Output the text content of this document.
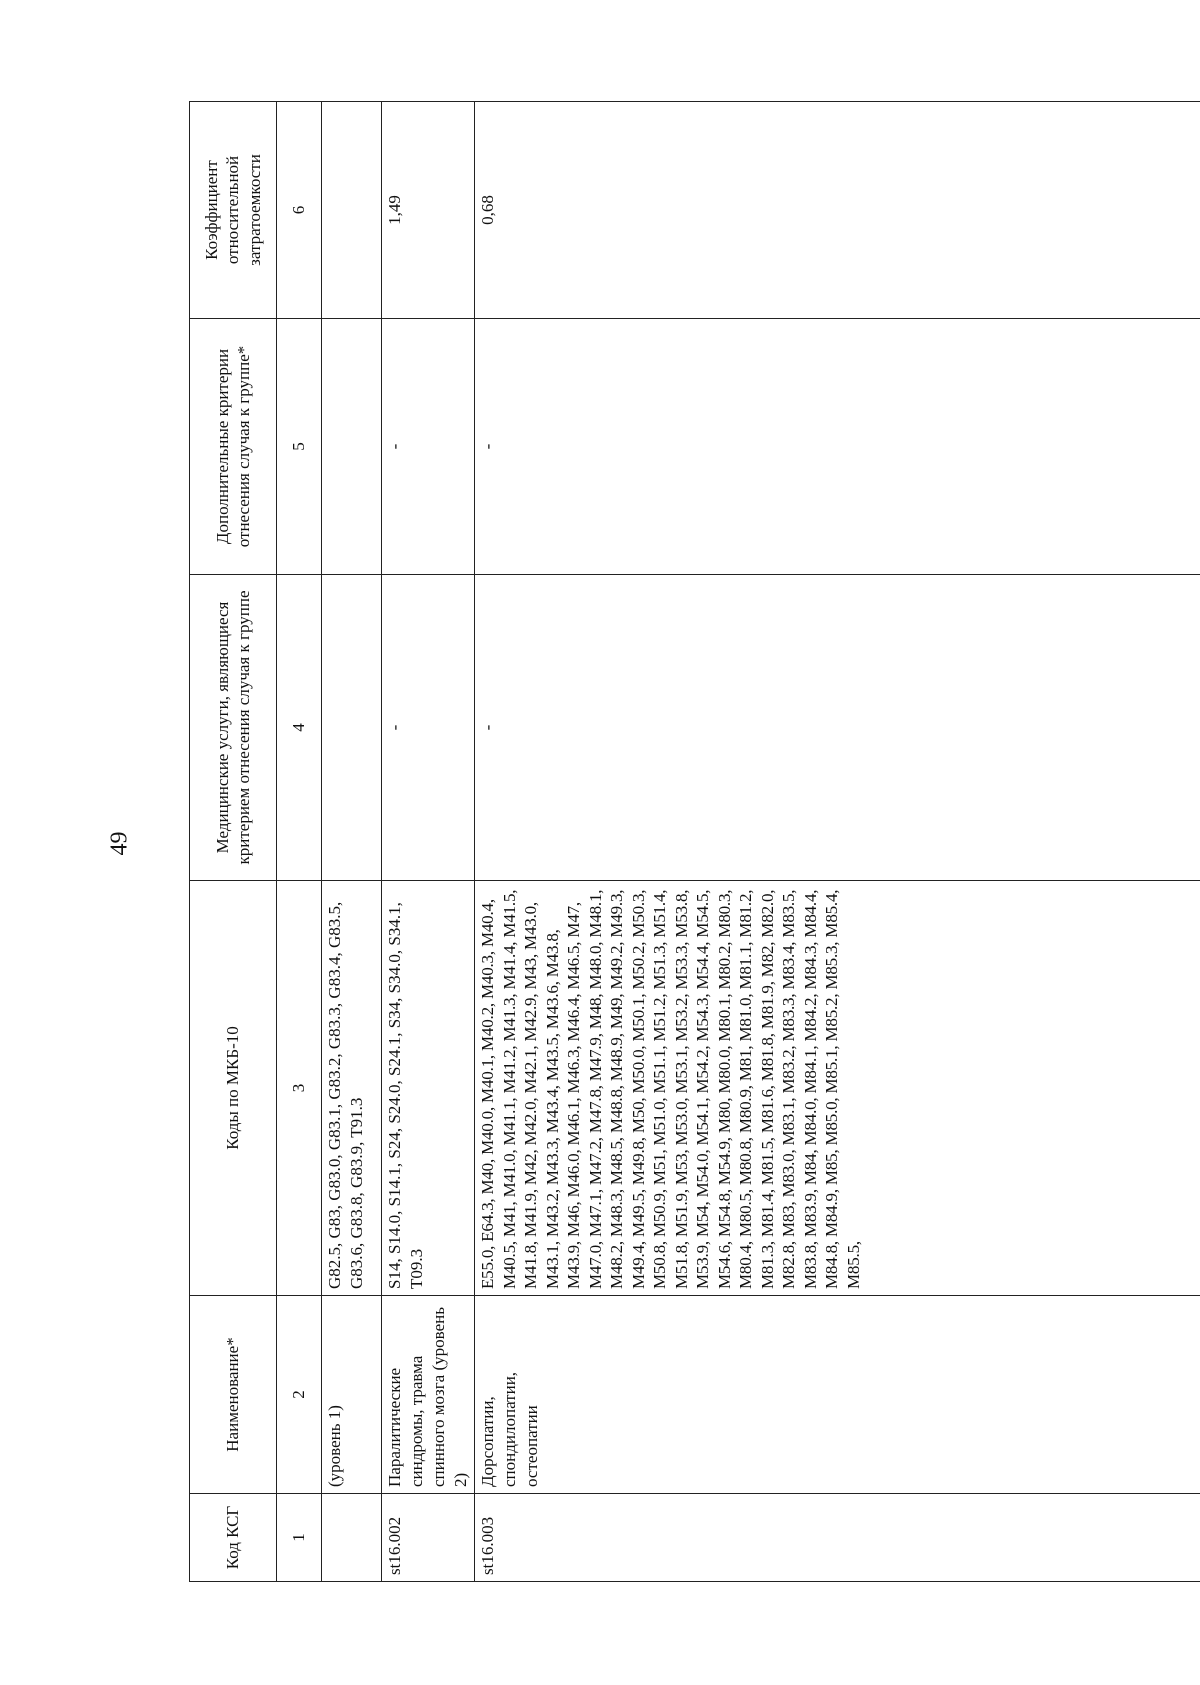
49
Код КСГ	Наименование*	Коды по МКБ-10	Медицинские услуги, являющиеся критерием отнесения случая к группе	Дополнительные критерии отнесения случая к группе*	Коэффициент относительной затратоемкости
1	2	3	4	5	6
	(уровень 1)	G82.5, G83, G83.0, G83.1, G83.2, G83.3, G83.4, G83.5, G83.6, G83.8, G83.9, T91.3			
st16.002	Паралитические синдромы, травма спинного мозга (уровень 2)	S14, S14.0, S14.1, S24, S24.0, S24.1, S34, S34.0, S34.1, T09.3	-	-	1,49
st16.003	Дорсопатии, спондилопатии, остеопатии	E55.0, E64.3, M40, M40.0, M40.1, M40.2, M40.3, M40.4, M40.5, M41, M41.0, M41.1, M41.2, M41.3, M41.4, M41.5, M41.8, M41.9, M42, M42.0, M42.1, M42.9, M43, M43.0, M43.1, M43.2, M43.3, M43.4, M43.5, M43.6, M43.8, M43.9, M46, M46.0, M46.1, M46.3, M46.4, M46.5, M47, M47.0, M47.1, M47.2, M47.8, M47.9, M48, M48.0, M48.1, M48.2, M48.3, M48.5, M48.8, M48.9, M49, M49.2, M49.3, M49.4, M49.5, M49.8, M50, M50.0, M50.1, M50.2, M50.3, M50.8, M50.9, M51, M51.0, M51.1, M51.2, M51.3, M51.4, M51.8, M51.9, M53, M53.0, M53.1, M53.2, M53.3, M53.8, M53.9, M54, M54.0, M54.1, M54.2, M54.3, M54.4, M54.5, M54.6, M54.8, M54.9, M80, M80.0, M80.1, M80.2, M80.3, M80.4, M80.5, M80.8, M80.9, M81, M81.0, M81.1, M81.2, M81.3, M81.4, M81.5, M81.6, M81.8, M81.9, M82, M82.0, M82.8, M83, M83.0, M83.1, M83.2, M83.3, M83.4, M83.5, M83.8, M83.9, M84, M84.0, M84.1, M84.2, M84.3, M84.4, M84.8, M84.9, M85, M85.0, M85.1, M85.2, M85.3, M85.4, M85.5,	-	-	0,68
